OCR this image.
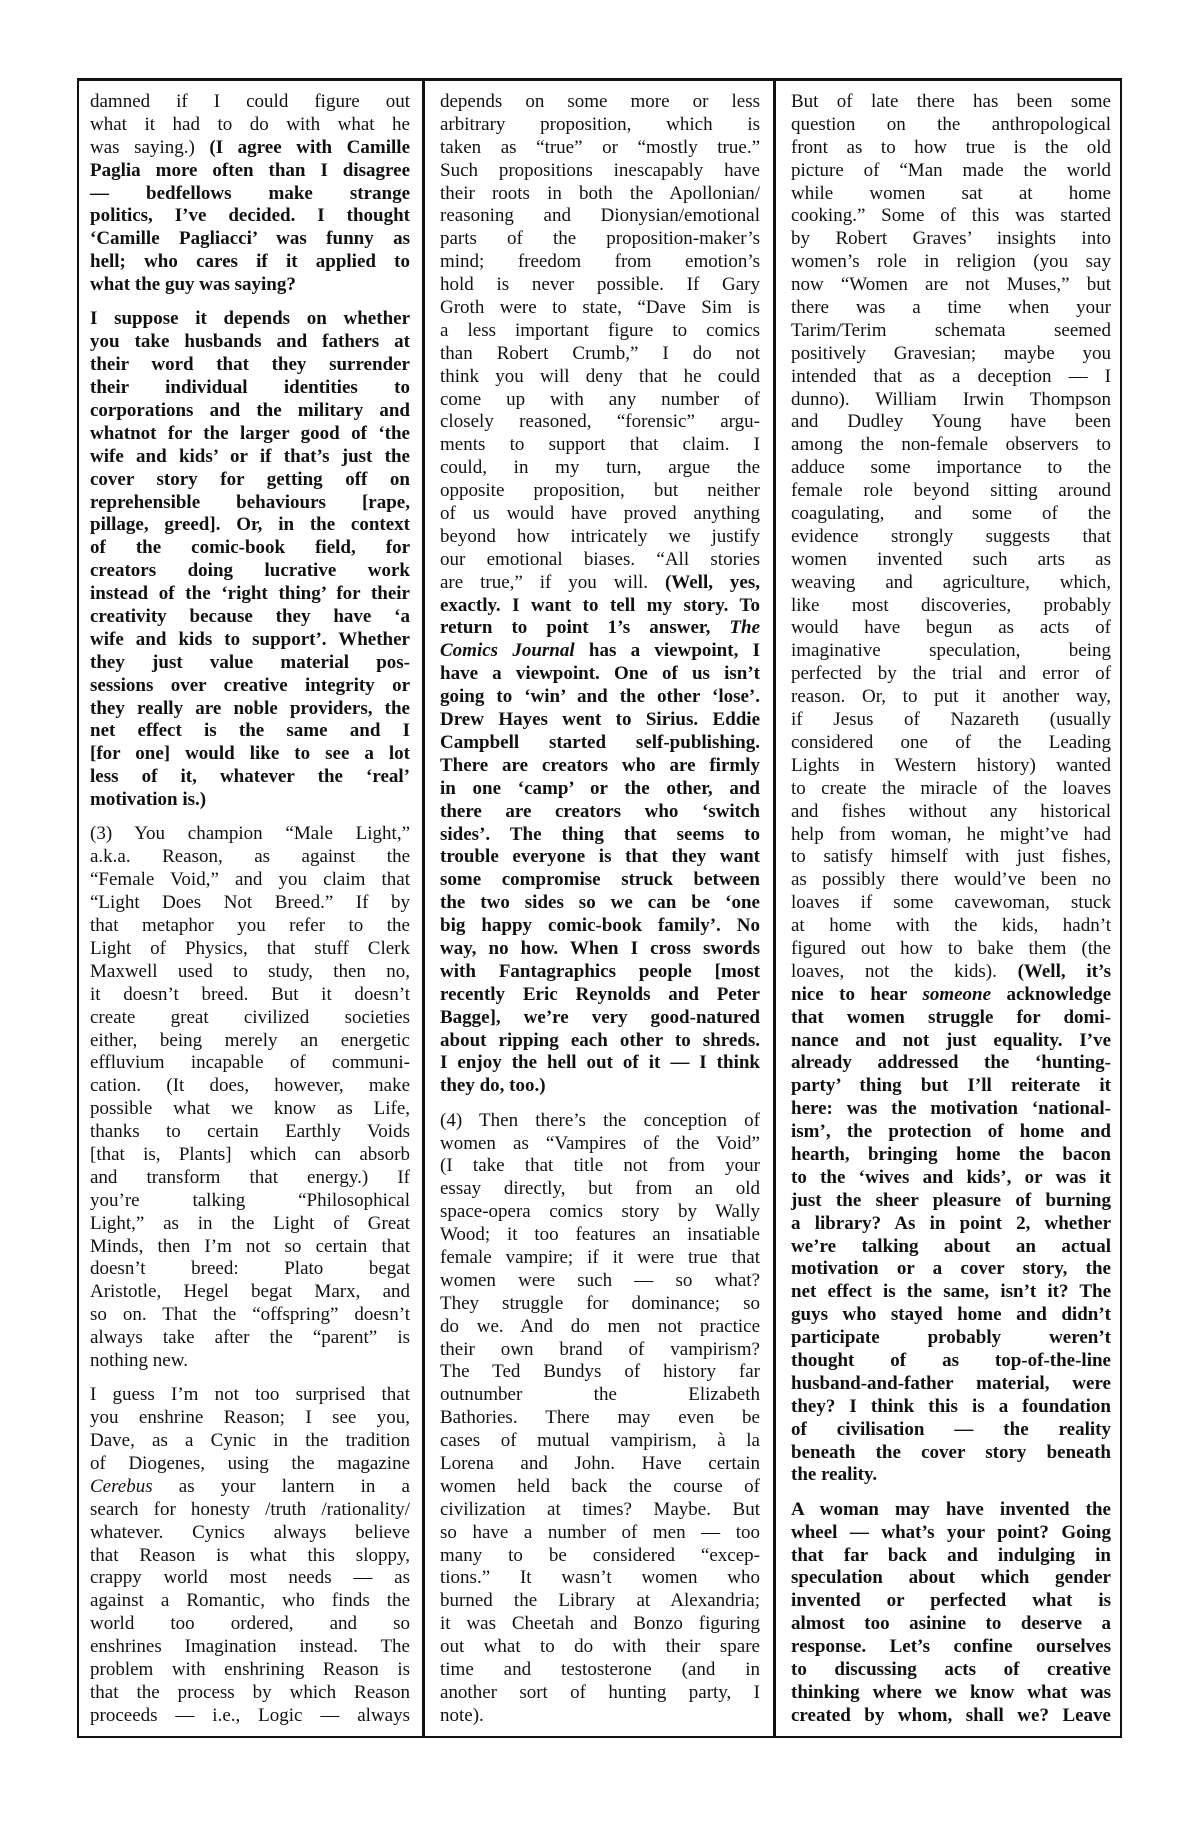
damned if I could figure out
what it had to do with what he
was saying.) (I agree with Camille
Paglia more often than I disagree
— bedfellows make strange
politics, I’ve decided. I thought
‘Camille Pagliacci’ was funny as
hell; who cares if it applied to
what the guy was saying?
I suppose it depends on whether
you take husbands and fathers at
their word that they surrender
their individual identities to
corporations and the military and
whatnot for the larger good of ‘the
wife and kids’ or if that’s just the
cover story for getting off on
reprehensible behaviours [rape,
pillage, greed]. Or, in the context
of the comic-book field, for
creators doing lucrative work
instead of the ‘right thing’ for their
creativity because they have ‘a
wife and kids to support’. Whether
they just value material pos-
sessions over creative integrity or
they really are noble providers, the
net effect is the same and I
[for one] would like to see a lot
less of it, whatever the ‘real’
motivation is.)
(3) You champion “Male Light,”
a.k.a. Reason, as against the
“Female Void,” and you claim that
“Light Does Not Breed.” If by
that metaphor you refer to the
Light of Physics, that stuff Clerk
Maxwell used to study, then no,
it doesn’t breed. But it doesn’t
create great civilized societies
either, being merely an energetic
effluvium incapable of communi-
cation. (It does, however, make
possible what we know as Life,
thanks to certain Earthly Voids
[that is, Plants] which can absorb
and transform that energy.) If
you’re talking “Philosophical
Light,” as in the Light of Great
Minds, then I’m not so certain that
doesn’t breed: Plato begat
Aristotle, Hegel begat Marx, and
so on. That the “offspring” doesn’t
always take after the “parent” is
nothing new.
I guess I’m not too surprised that
you enshrine Reason; I see you,
Dave, as a Cynic in the tradition
of Diogenes, using the magazine
Cerebus as your lantern in a
search for honesty /truth /rationality/
whatever. Cynics always believe
that Reason is what this sloppy,
crappy world most needs — as
against a Romantic, who finds the
world too ordered, and so
enshrines Imagination instead. The
problem with enshrining Reason is
that the process by which Reason
proceeds — i.e., Logic — always
depends on some more or less
arbitrary proposition, which is
taken as “true” or “mostly true.”
Such propositions inescapably have
their roots in both the Apollonian/
reasoning and Dionysian/emotional
parts of the proposition-maker’s
mind; freedom from emotion’s
hold is never possible. If Gary
Groth were to state, “Dave Sim is
a less important figure to comics
than Robert Crumb,” I do not
think you will deny that he could
come up with any number of
closely reasoned, “forensic” argu-
ments to support that claim. I
could, in my turn, argue the
opposite proposition, but neither
of us would have proved anything
beyond how intricately we justify
our emotional biases. “All stories
are true,” if you will. (Well, yes,
exactly. I want to tell my story. To
return to point 1’s answer, The
Comics Journal has a viewpoint, I
have a viewpoint. One of us isn’t
going to ‘win’ and the other ‘lose’.
Drew Hayes went to Sirius. Eddie
Campbell started self-publishing.
There are creators who are firmly
in one ‘camp’ or the other, and
there are creators who ‘switch
sides’. The thing that seems to
trouble everyone is that they want
some compromise struck between
the two sides so we can be ‘one
big happy comic-book family’. No
way, no how. When I cross swords
with Fantagraphics people [most
recently Eric Reynolds and Peter
Bagge], we’re very good-natured
about ripping each other to shreds.
I enjoy the hell out of it — I think
they do, too.)
(4) Then there’s the conception of
women as “Vampires of the Void”
(I take that title not from your
essay directly, but from an old
space-opera comics story by Wally
Wood; it too features an insatiable
female vampire; if it were true that
women were such — so what?
They struggle for dominance; so
do we. And do men not practice
their own brand of vampirism?
The Ted Bundys of history far
outnumber the Elizabeth
Bathories. There may even be
cases of mutual vampirism, à la
Lorena and John. Have certain
women held back the course of
civilization at times? Maybe. But
so have a number of men — too
many to be considered “excep-
tions.” It wasn’t women who
burned the Library at Alexandria;
it was Cheetah and Bonzo figuring
out what to do with their spare
time and testosterone (and in
another sort of hunting party, I
note).
But of late there has been some
question on the anthropological
front as to how true is the old
picture of “Man made the world
while women sat at home
cooking.” Some of this was started
by Robert Graves’ insights into
women’s role in religion (you say
now “Women are not Muses,” but
there was a time when your
Tarim/Terim schemata seemed
positively Gravesian; maybe you
intended that as a deception — I
dunno). William Irwin Thompson
and Dudley Young have been
among the non-female observers to
adduce some importance to the
female role beyond sitting around
coagulating, and some of the
evidence strongly suggests that
women invented such arts as
weaving and agriculture, which,
like most discoveries, probably
would have begun as acts of
imaginative speculation, being
perfected by the trial and error of
reason. Or, to put it another way,
if Jesus of Nazareth (usually
considered one of the Leading
Lights in Western history) wanted
to create the miracle of the loaves
and fishes without any historical
help from woman, he might’ve had
to satisfy himself with just fishes,
as possibly there would’ve been no
loaves if some cavewoman, stuck
at home with the kids, hadn’t
figured out how to bake them (the
loaves, not the kids). (Well, it’s
nice to hear someone acknowledge
that women struggle for domi-
nance and not just equality. I’ve
already addressed the ‘hunting-
party’ thing but I’ll reiterate it
here: was the motivation ‘national-
ism’, the protection of home and
hearth, bringing home the bacon
to the ‘wives and kids’, or was it
just the sheer pleasure of burning
a library? As in point 2, whether
we’re talking about an actual
motivation or a cover story, the
net effect is the same, isn’t it? The
guys who stayed home and didn’t
participate probably weren’t
thought of as top-of-the-line
husband-and-father material, were
they? I think this is a foundation
of civilisation — the reality
beneath the cover story beneath
the reality.
A woman may have invented the
wheel — what’s your point? Going
that far back and indulging in
speculation about which gender
invented or perfected what is
almost too asinine to deserve a
response. Let’s confine ourselves
to discussing acts of creative
thinking where we know what was
created by whom, shall we? Leave
